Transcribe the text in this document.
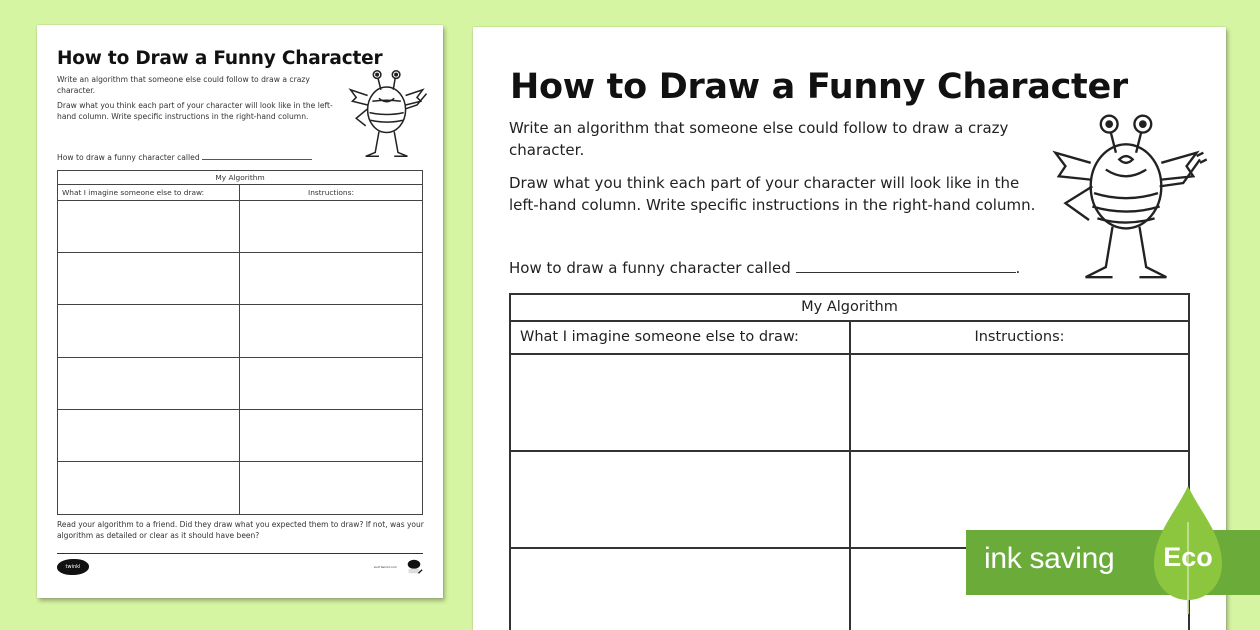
How to Draw a Funny Character
Write an algorithm that someone else could follow to draw a crazy character.
Draw what you think each part of your character will look like in the left-hand column. Write specific instructions in the right-hand column.
How to draw a funny character called
My Algorithm
What I imagine someone else to draw:	Instructions:
Read your algorithm to a friend. Did they draw what you expected them to draw? If not, was your algorithm as detailed or clear as it should have been?
twinkl	visit twinkl.com
How to Draw a Funny Character
Write an algorithm that someone else could follow to draw a crazy character.
Draw what you think each part of your character will look like in the left-hand column. Write specific instructions in the right-hand column.
How to draw a funny character called	.
My Algorithm
What I imagine someone else to draw:	Instructions:
ink saving Eco
